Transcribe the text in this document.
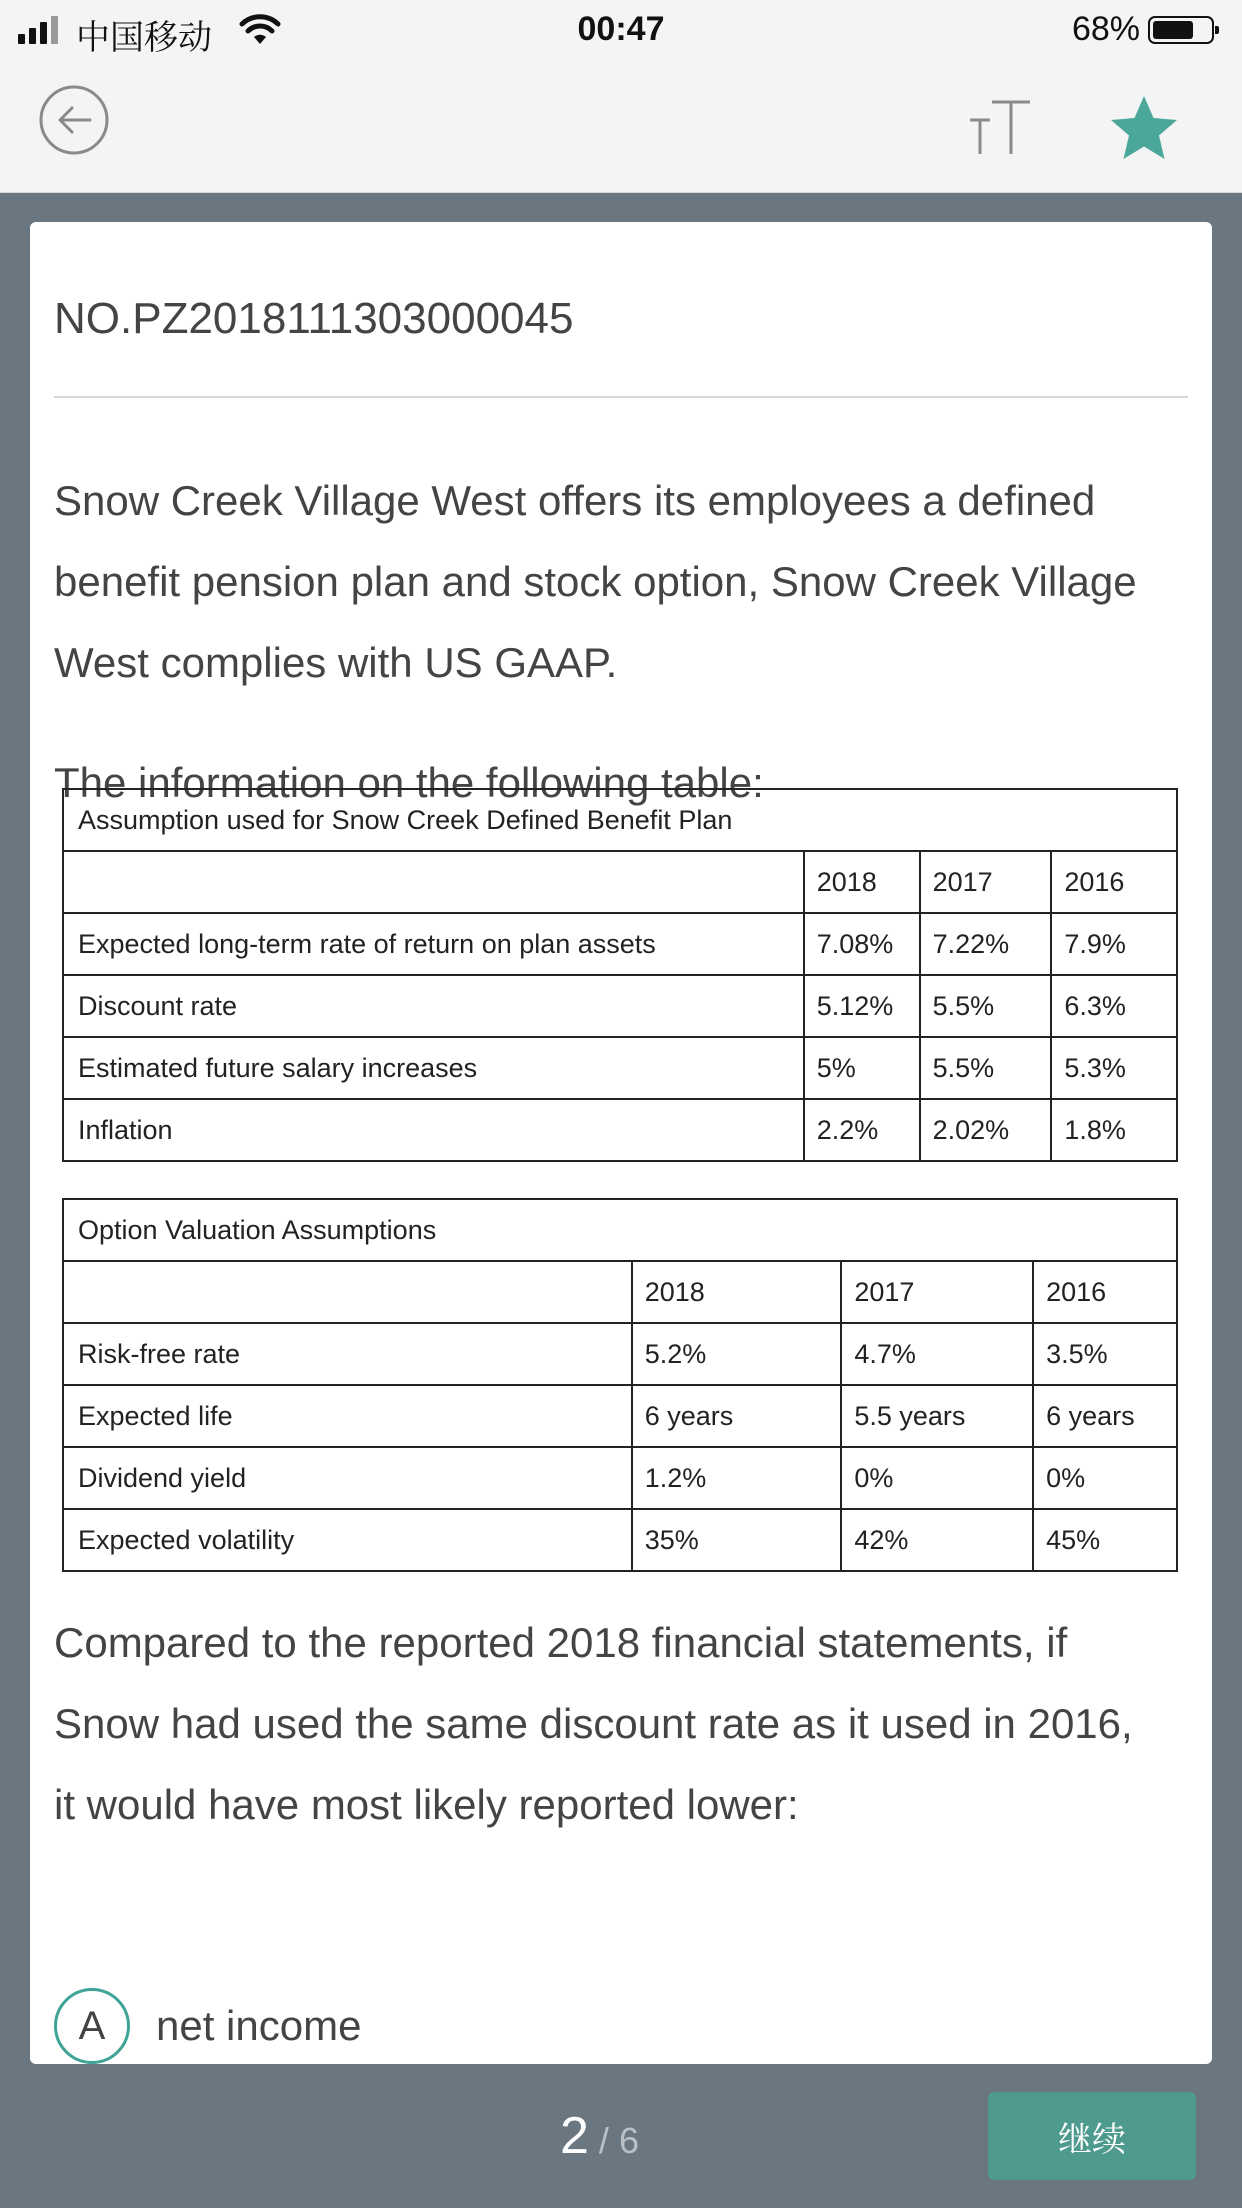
中国移动	00:47	68%
NO.PZ2018111303000045

Snow Creek Village West offers its employees a defined
benefit pension plan and stock option, Snow Creek Village
West complies with US GAAP.

The information on the following table:

Assumption used for Snow Creek Defined Benefit Plan			
	2018	2017	2016
Expected long-term rate of return on plan assets	7.08%	7.22%	7.9%
Discount rate	5.12%	5.5%	6.3%
Estimated future salary increases	5%	5.5%	5.3%
Inflation	2.2%	2.02%	1.8%
Option Valuation Assumptions			
	2018	2017	2016
Risk-free rate	5.2%	4.7%	3.5%
Expected life	6 years	5.5 years	6 years
Dividend yield	1.2%	0%	0%
Expected volatility	35%	42%	45%

Compared to the reported 2018 financial statements, if
Snow had used the same discount rate as it used in 2016,
it would have most likely reported lower:

A	net income
2 / 6	继续
